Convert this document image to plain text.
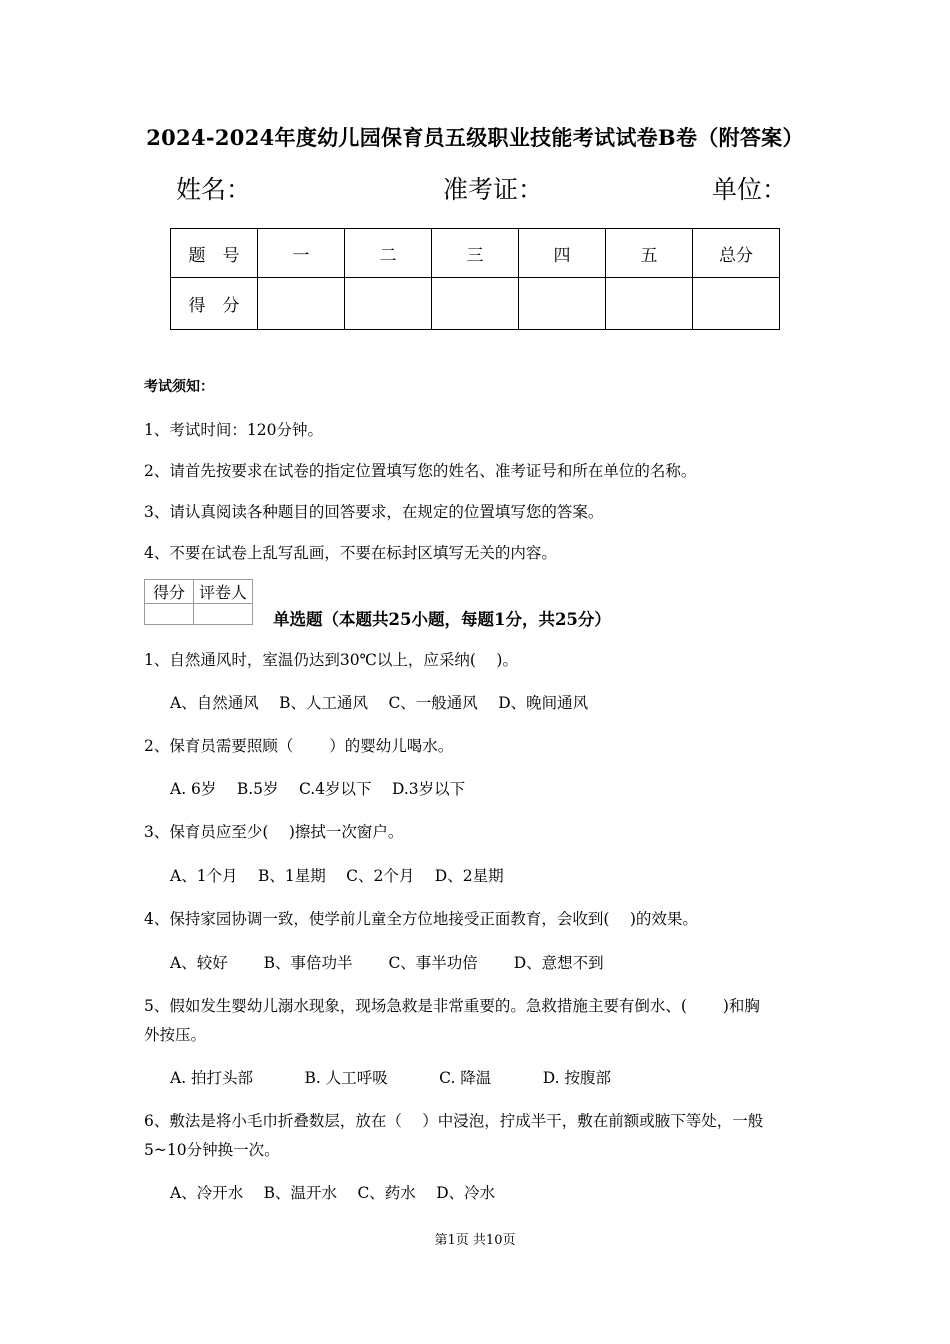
2024-2024年度幼儿园保育员五级职业技能考试试卷B卷（附答案）
姓名：	准考证：	单位：
题　号	一	二	三	四	五	总分
得　分						
考试须知：
1、考试时间：120分钟。
2、请首先按要求在试卷的指定位置填写您的姓名、准考证号和所在单位的名称。
3、请认真阅读各种题目的回答要求，在规定的位置填写您的答案。
4、不要在试卷上乱写乱画，不要在标封区填写无关的内容。
得分	评卷人

单选题（本题共25小题，每题1分，共25分）
1、自然通风时，室温仍达到30℃以上，应采纳(　 )。
A、自然通风　 B、人工通风　 C、一般通风　 D、晚间通风
2、保育员需要照顾（　　 ）的婴幼儿喝水。
A. 6岁　 B.5岁　 C.4岁以下　 D.3岁以下
3、保育员应至少(　 )擦拭一次窗户。
A、1个月　 B、1星期　 C、2个月　 D、2星期
4、保持家园协调一致，使学前儿童全方位地接受正面教育，会收到(　 )的效果。
A、较好　　 B、事倍功半　　 C、事半功倍　　 D、意想不到
5、假如发生婴幼儿溺水现象，现场急救是非常重要的。急救措施主要有倒水、(　　 )和胸
外按压。
A. 拍打头部　　　 B. 人工呼吸　　　 C. 降温　　　 D. 按腹部
6、敷法是将小毛巾折叠数层，放在（　 ）中浸泡，拧成半干，敷在前额或腋下等处，一般
5~10分钟换一次。
A、冷开水　 B、温开水　 C、药水　 D、冷水
第1页 共10页
